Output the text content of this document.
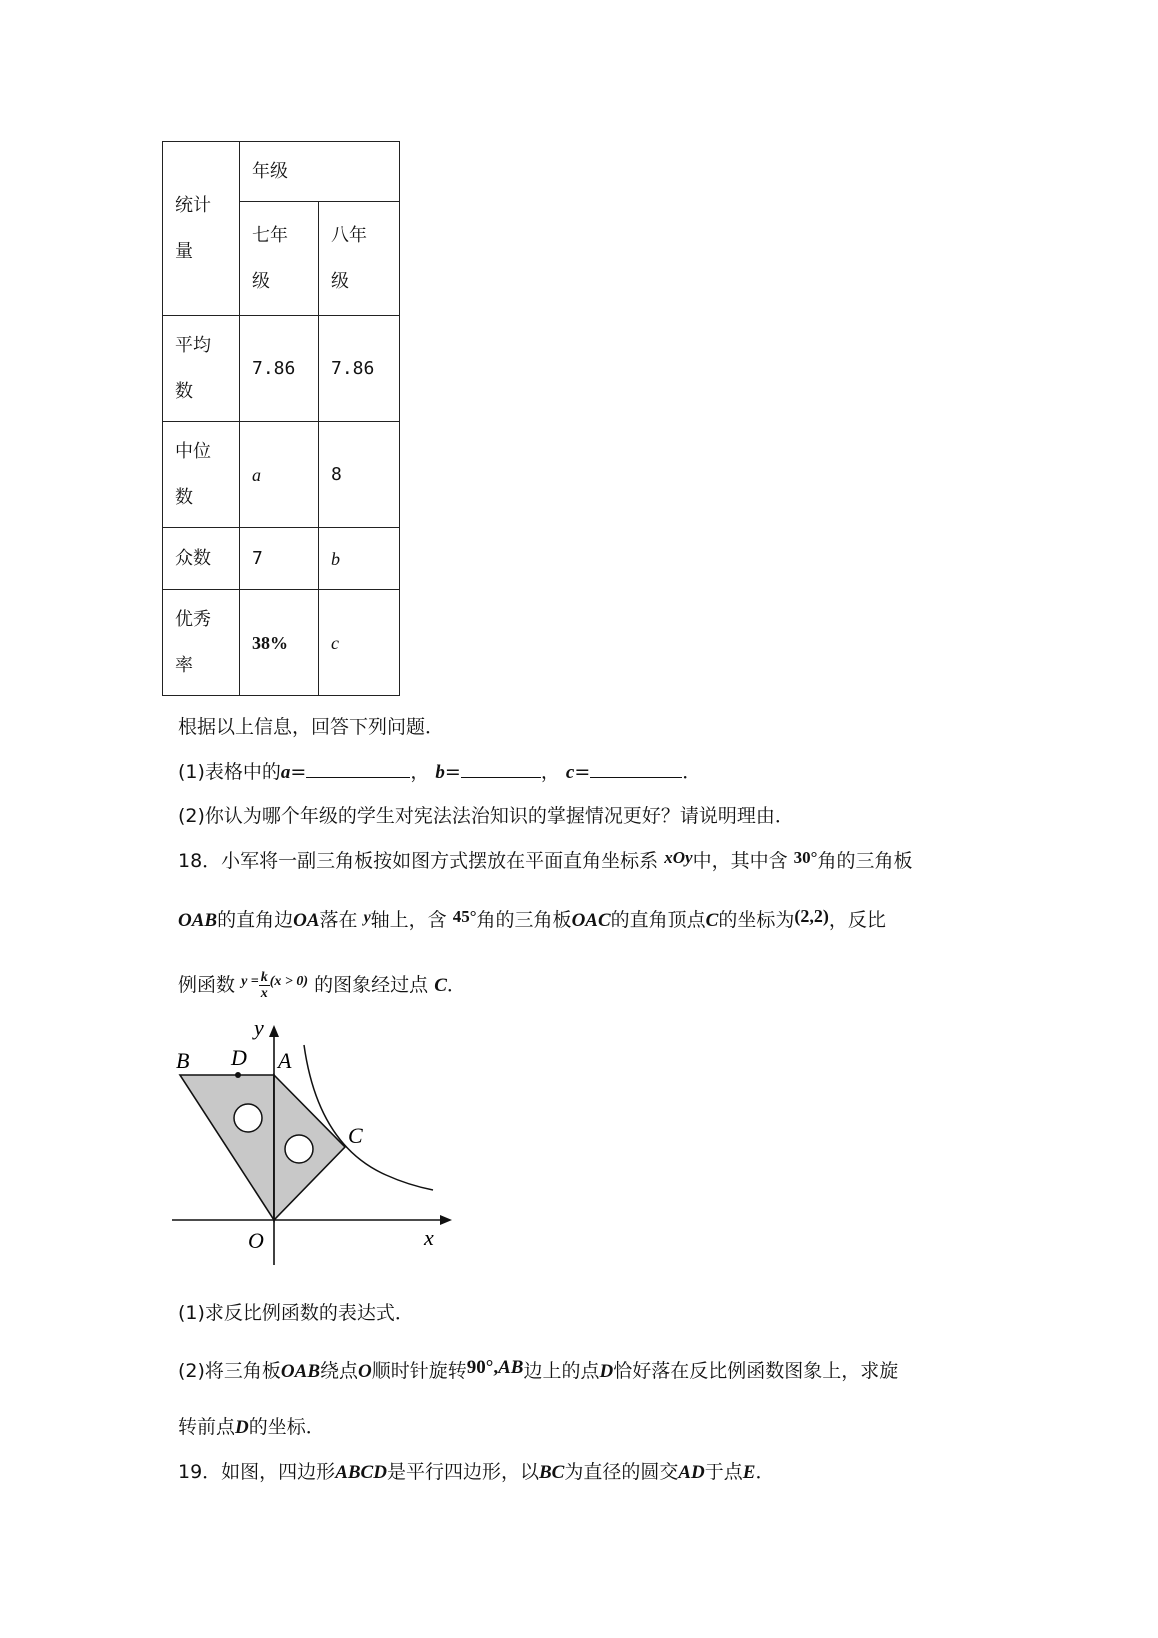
统计量	年级	

	七年级	八年级

平均数	7.86	7.86

中位数	a	8
众数	7	b

优秀率	38%	c
根据以上信息，回答下列问题．
(1)表格中的a=	， b=	， c=	．
(2)你认为哪个年级的学生对宪法法治知识的掌握情况更好？请说明理由．
18．小军将一副三角板按如图方式摆放在平面直角坐标系 xOy中，其中含 30°角的三角板
OAB的直角边OA落在 $^y$轴上，含 45°角的三角板OAC的直角顶点C的坐标为(2,2)，反比
例函数 $^{y =} \frac{k}{x} ^{(x > 0)}$ 的图象经过点 C．
B D A
C
O	x
y
(1)求反比例函数的表达式．
(2)将三角板OAB绕点O顺时针旋转90°,AB边上的点D恰好落在反比例函数图象上，求旋
转前点D的坐标．
19．如图，四边形ABCD是平行四边形，以BC为直径的圆交AD于点E．
